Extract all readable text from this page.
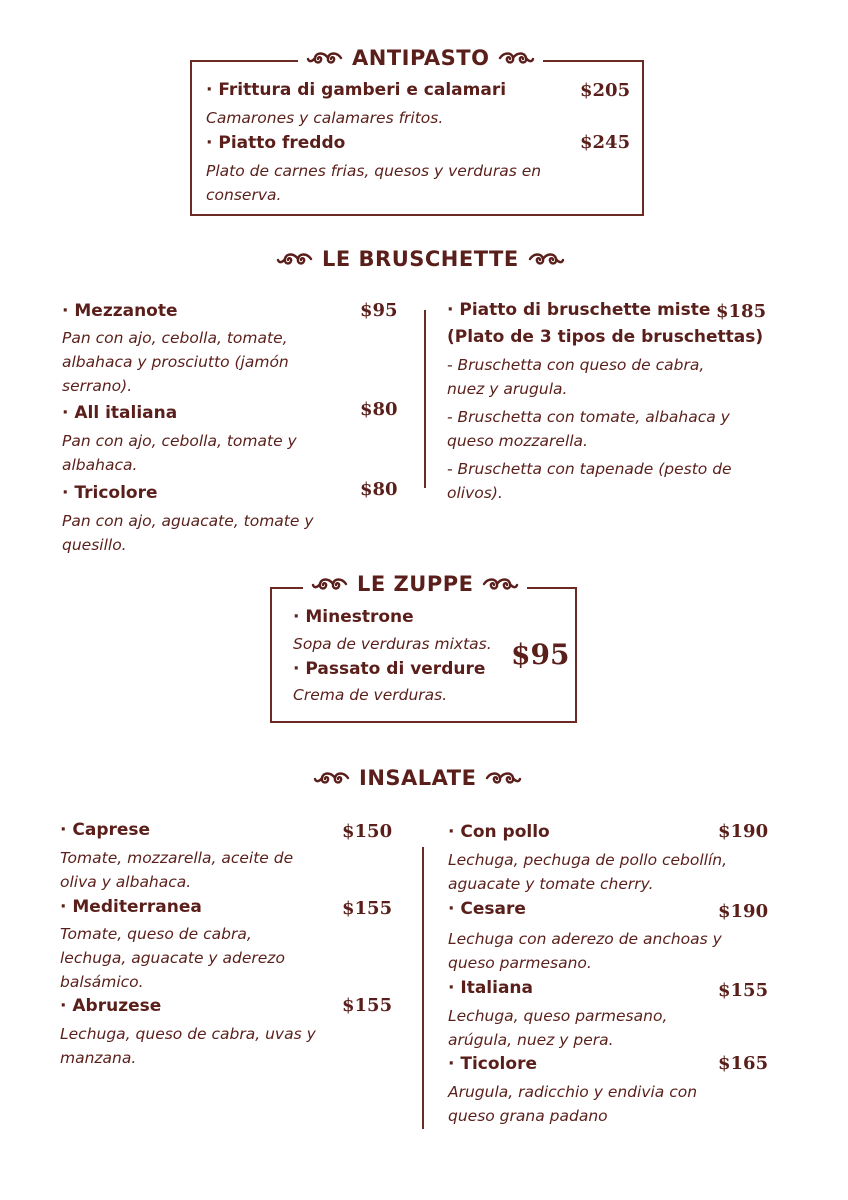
ANTIPASTO
· Frittura di gamberi e calamari	$205
Camarones y calamares fritos.
· Piatto freddo	$245
Plato de carnes frias, quesos y verduras en conserva.
LE BRUSCHETTE
· Mezzanote	$95
Pan con ajo, cebolla, tomate, albahaca y prosciutto (jamón serrano).
· All italiana	$80
Pan con ajo, cebolla, tomate y albahaca.
· Tricolore	$80
Pan con ajo, aguacate, tomate y quesillo.
· Piatto di bruschette miste $185
(Plato de 3 tipos de bruschettas)
- Bruschetta con queso de cabra, nuez y arugula.
- Bruschetta con tomate, albahaca y queso mozzarella.
- Bruschetta con tapenade (pesto de olivos).
LE ZUPPE
· Minestrone
Sopa de verduras mixtas.
· Passato di verdure
Crema de verduras.
$95
INSALATE
· Caprese	$150
Tomate, mozzarella, aceite de oliva y albahaca.
· Mediterranea	$155
Tomate, queso de cabra, lechuga, aguacate y aderezo balsámico.
· Abruzese	$155
Lechuga, queso de cabra, uvas y manzana.
· Con pollo	$190
Lechuga, pechuga de pollo cebollín, aguacate y tomate cherry.
· Cesare	$190
Lechuga con aderezo de anchoas y queso parmesano.
· Italiana	$155
Lechuga, queso parmesano, arúgula, nuez y pera.
· Ticolore	$165
Arugula, radicchio y endivia con queso grana padano
